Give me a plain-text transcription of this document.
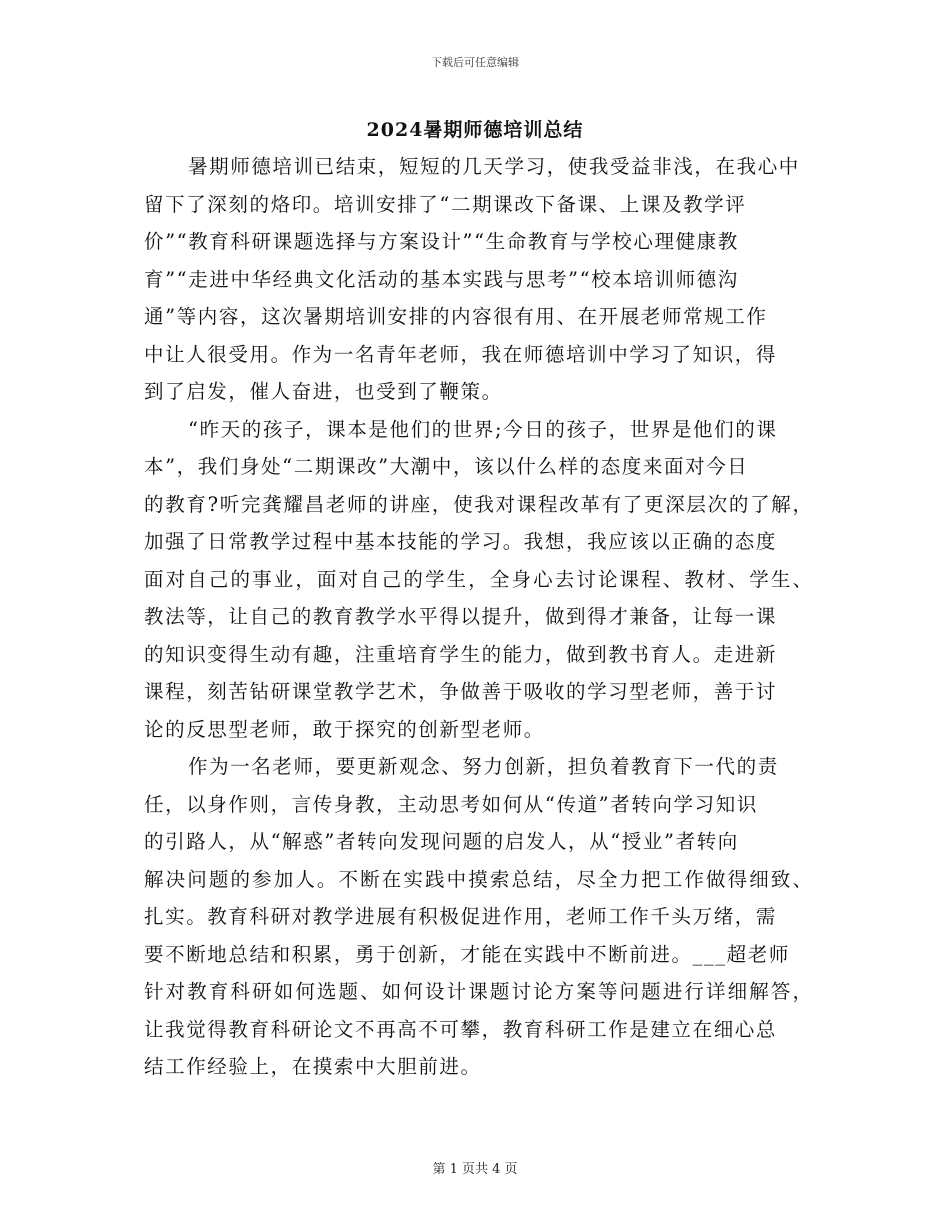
下载后可任意编辑
2024暑期师德培训总结
暑期师德培训已结束，短短的几天学习，使我受益非浅，在我心中
留下了深刻的烙印。培训安排了“二期课改下备课、上课及教学评
价”“教育科研课题选择与方案设计”“生命教育与学校心理健康教
育”“走进中华经典文化活动的基本实践与思考”“校本培训师德沟
通”等内容，这次暑期培训安排的内容很有用、在开展老师常规工作
中让人很受用。作为一名青年老师，我在师德培训中学习了知识，得
到了启发，催人奋进，也受到了鞭策。
“昨天的孩子，课本是他们的世界;今日的孩子，世界是他们的课
本”，我们身处“二期课改”大潮中，该以什么样的态度来面对今日
的教育?听完龚耀昌老师的讲座，使我对课程改革有了更深层次的了解，
加强了日常教学过程中基本技能的学习。我想，我应该以正确的态度
面对自己的事业，面对自己的学生，全身心去讨论课程、教材、学生、
教法等，让自己的教育教学水平得以提升，做到得才兼备，让每一课
的知识变得生动有趣，注重培育学生的能力，做到教书育人。走进新
课程，刻苦钻研课堂教学艺术，争做善于吸收的学习型老师，善于讨
论的反思型老师，敢于探究的创新型老师。
作为一名老师，要更新观念、努力创新，担负着教育下一代的责
任，以身作则，言传身教，主动思考如何从“传道”者转向学习知识
的引路人，从“解惑”者转向发现问题的启发人，从“授业”者转向
解决问题的参加人。不断在实践中摸索总结，尽全力把工作做得细致、
扎实。教育科研对教学进展有积极促进作用，老师工作千头万绪，需
要不断地总结和积累，勇于创新，才能在实践中不断前进。___超老师
针对教育科研如何选题、如何设计课题讨论方案等问题进行详细解答，
让我觉得教育科研论文不再高不可攀，教育科研工作是建立在细心总
结工作经验上，在摸索中大胆前进。
第 1 页共 4 页
